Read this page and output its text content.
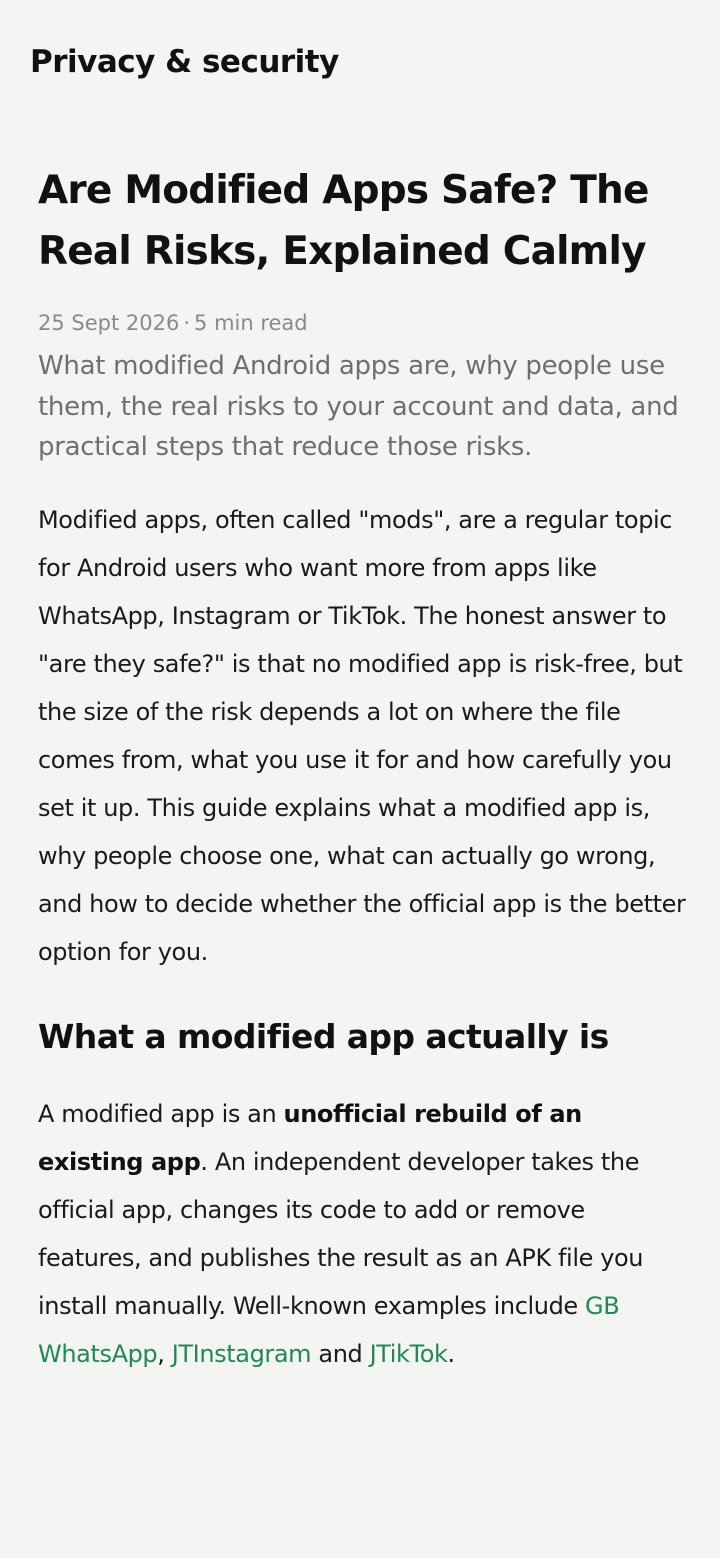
Privacy & security
Are Modified Apps Safe? The Real Risks, Explained Calmly
25 Sept 2026 · 5 min read

What modified Android apps are, why people use them, the real risks to your account and data, and practical steps that reduce those risks.

Modified apps, often called "mods", are a regular topic for Android users who want more from apps like WhatsApp, Instagram or TikTok. The honest answer to "are they safe?" is that no modified app is risk-free, but the size of the risk depends a lot on where the file comes from, what you use it for and how carefully you set it up. This guide explains what a modified app is, why people choose one, what can actually go wrong, and how to decide whether the official app is the better option for you.

What a modified app actually is

A modified app is an unofficial rebuild of an existing app. An independent developer takes the official app, changes its code to add or remove features, and publishes the result as an APK file you install manually. Well-known examples include GB WhatsApp, JTInstagram and JTikTok.
